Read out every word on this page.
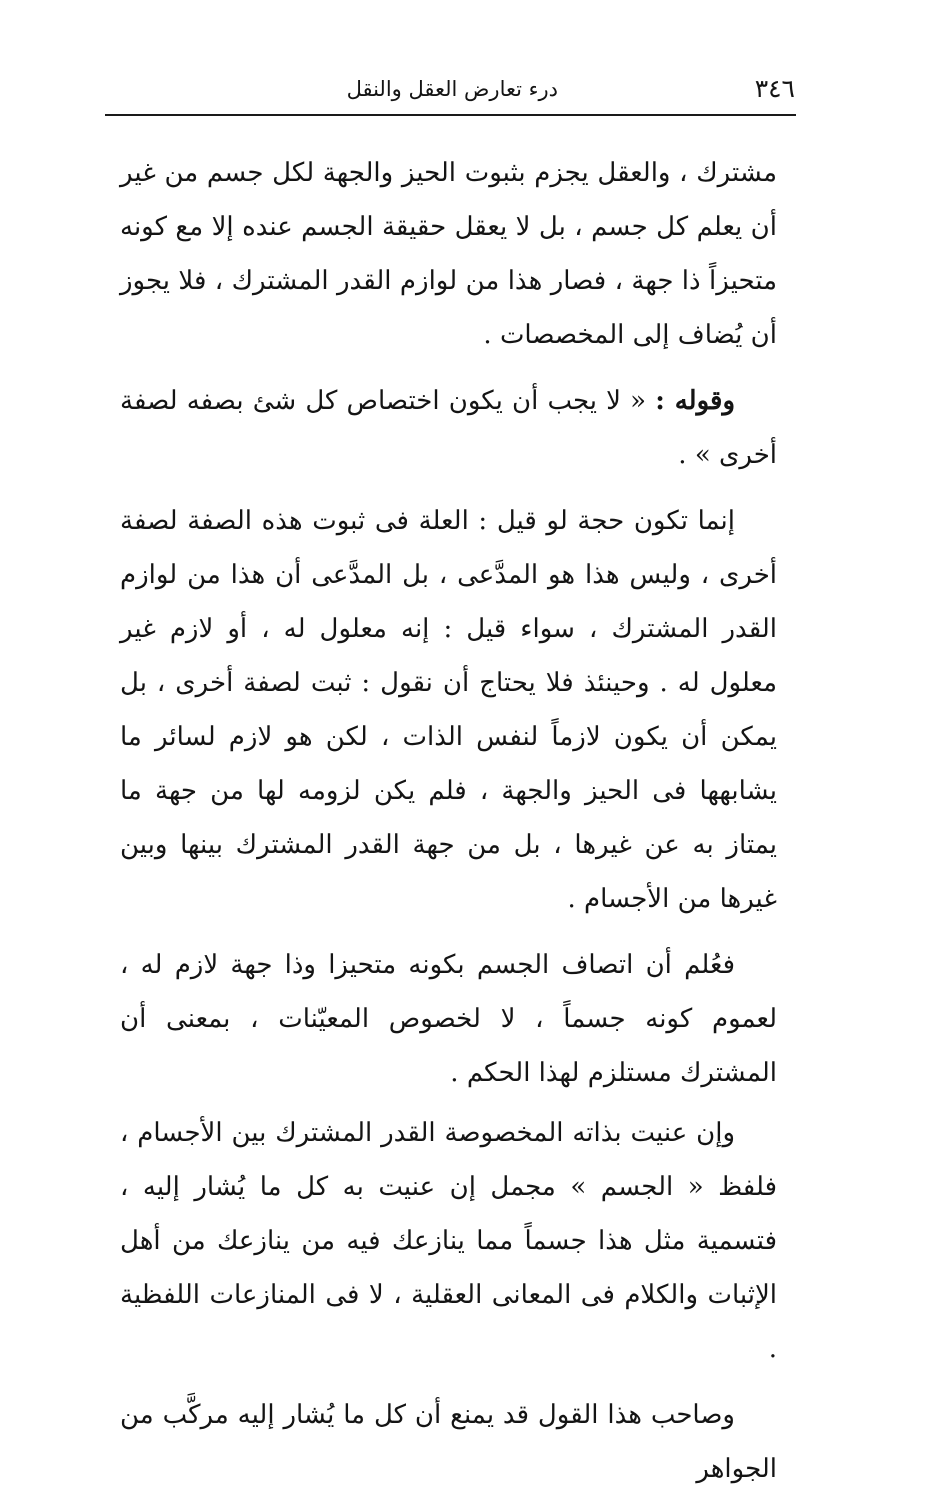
٣٤٦
درء تعارض العقل والنقل

مشترك ، والعقل يجزم بثبوت الحيز والجهة لكل جسم من غير أن يعلم كل جسم ، بل لا يعقل حقيقة الجسم عنده إلا مع كونه متحيزاً ذا جهة ، فصار هذا من لوازم القدر المشترك ، فلا يجوز أن يُضاف إلى المخصصات .

وقوله : « لا يجب أن يكون اختصاص كل شئ بصفه لصفة أخرى » .

إنما تكون حجة لو قيل : العلة فى ثبوت هذه الصفة لصفة أخرى ، وليس هذا هو المدَّعى ، بل المدَّعى أن هذا من لوازم القدر المشترك ، سواء قيل : إنه معلول له ، أو لازم غير معلول له . وحينئذ فلا يحتاج أن نقول : ثبت لصفة أخرى ، بل يمكن أن يكون لازماً لنفس الذات ، لكن هو لازم لسائر ما يشابهها فى الحيز والجهة ، فلم يكن لزومه لها من جهة ما يمتاز به عن غيرها ، بل من جهة القدر المشترك بينها وبين غيرها من الأجسام .

فعُلم أن اتصاف الجسم بكونه متحيزا وذا جهة لازم له ، لعموم كونه جسماً ، لا لخصوص المعيّنات ، بمعنى أن المشترك مستلزم لهذا الحكم .

وإن عنيت بذاته المخصوصة القدر المشترك بين الأجسام ، فلفظ « الجسم » مجمل إن عنيت به كل ما يُشار إليه ، فتسمية مثل هذا جسماً مما ينازعك فيه من ينازعك من أهل الإثبات والكلام فى المعانى العقلية ، لا فى المنازعات اللفظية .

وصاحب هذا القول قد يمنع أن كل ما يُشار إليه مركَّب من الجواهر
